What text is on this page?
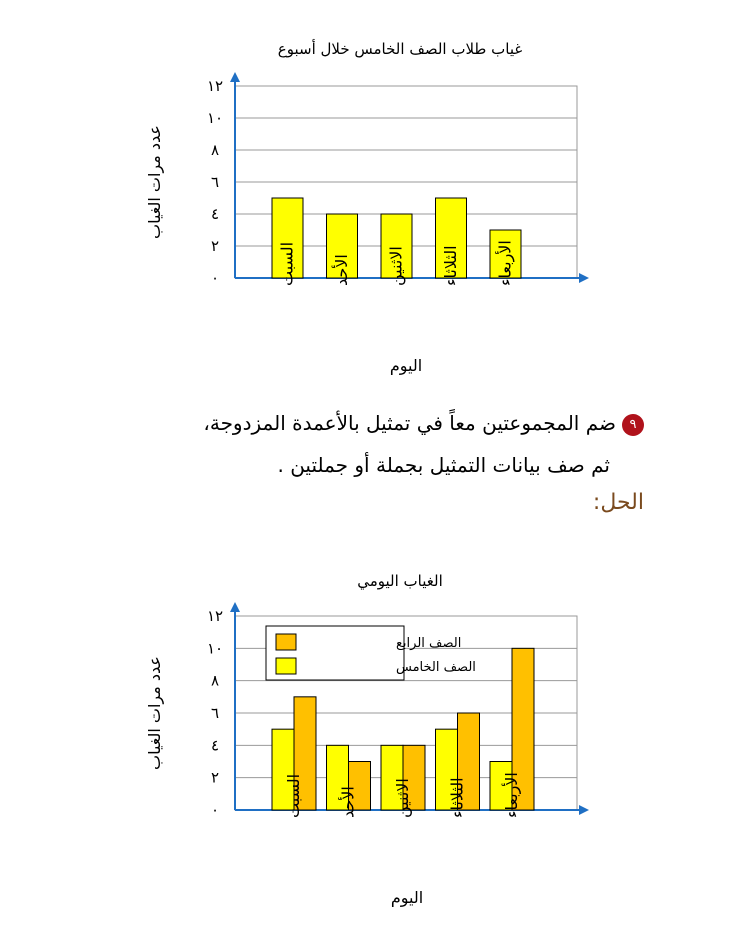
غياب طلاب الصف الخامس خلال أسبوع
٠
٢
٤
٦
٨
١٠
١٢
السبت الأحد الاثنين الثلاثاء الأربعاء
اليوم
عدد مرات الغياب
٩ضم المجموعتين معاً في تمثيل بالأعمدة المزدوجة،
ثم صف بيانات التمثيل بجملة أو جملتين .
الحل:
الغياب اليومي
٠
٢
٤
٦
٨
١٠
١٢
السبت الأحد الاثنين الثلاثاء الأربعاء
اليوم
عدد مرات الغياب
الصف الرابع
الصف الخامس
